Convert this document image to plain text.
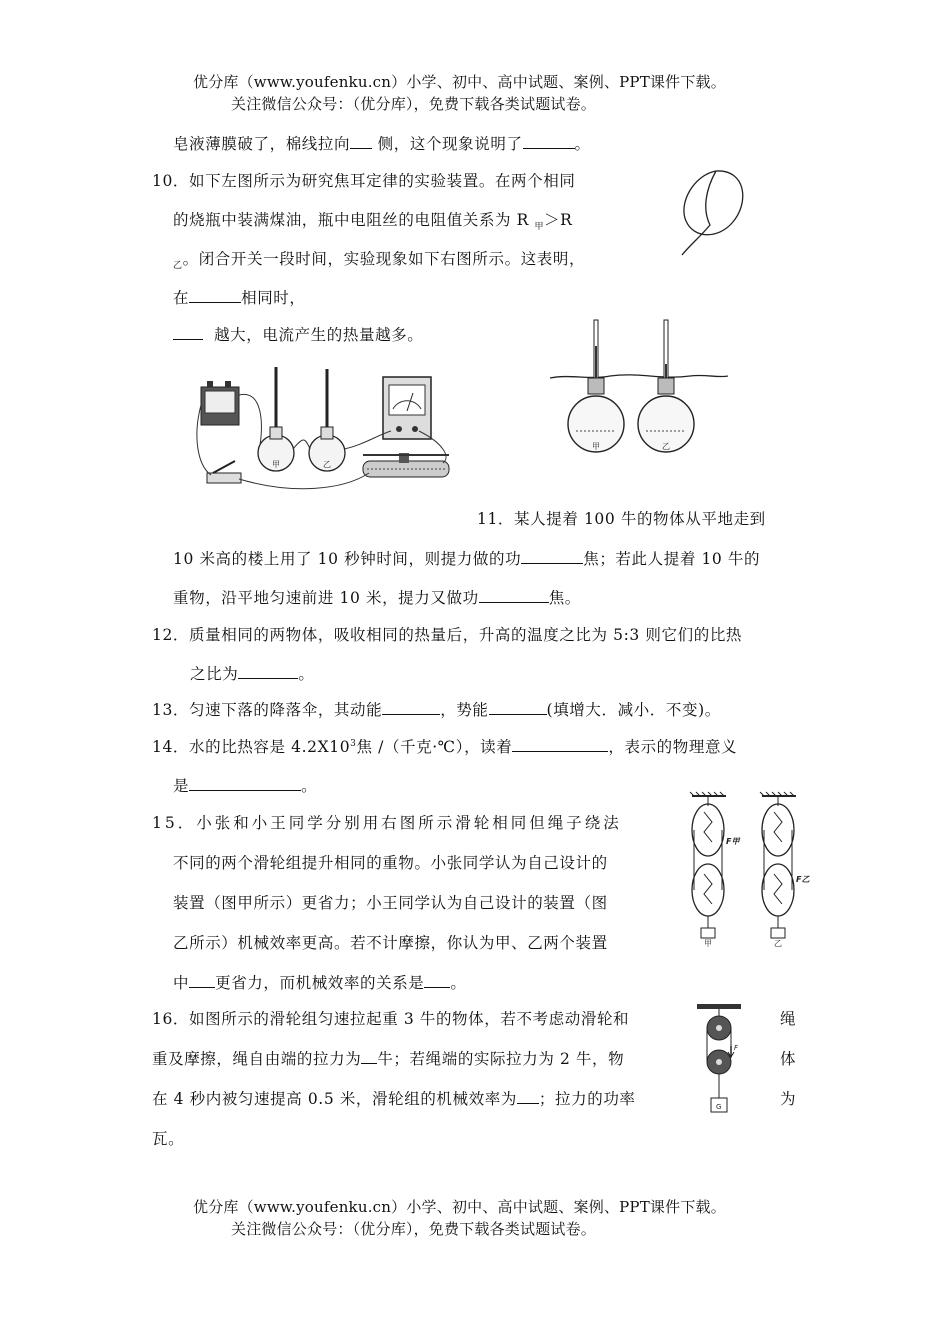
优分库（www.youfenku.cn）小学、初中、高中试题、案例、PPT课件下载。
关注微信公众号：（优分库），免费下载各类试题试卷。
皂液薄膜破了，棉线拉向 侧，这个现象说明了	。
10．如下左图所示为研究焦耳定律的实验装置。在两个相同
的烧瓶中装满煤油，瓶中电阻丝的电阻值关系为 R $_甲$＞R
$_乙$。闭合开关一段时间，实验现象如下右图所示。这表明，
在	相同时，
越大，电流产生的热量越多。
甲	乙
甲	乙
11．某人提着 100 牛的物体从平地走到
10 米高的楼上用了 10 秒钟时间，则提力做的功	焦；若此人提着 10 牛的
重物，沿平地匀速前进 10 米，提力又做功	焦。
12．质量相同的两物体，吸收相同的热量后，升高的温度之比为 5:3 则它们的比热
之比为	。
13．匀速下落的降落伞，其动能	，势能	(填增大．减小．不变)。
14．水的比热容是 $4.2X10^3$焦 /（千克·℃），读着	，表示的物理意义
是	。
15．小张和小王同学分别用右图所示滑轮相同但绳子绕法
不同的两个滑轮组提升相同的重物。小张同学认为自己设计的
装置（图甲所示）更省力；小王同学认为自己设计的装置（图
乙所示）机械效率更高。若不计摩擦，你认为甲、乙两个装置
中 更省力，而机械效率的关系是 。
F甲
甲
F乙
乙
16．如图所示的滑轮组匀速拉起重 3 牛的物体，若不考虑动滑轮和	绳
重及摩擦，绳自由端的拉力为 牛；若绳端的实际拉力为 2 牛，物	体
在 4 秒内被匀速提高 0.5 米，滑轮组的机械效率为 ；拉力的功率	为
瓦。
F
G
优分库（www.youfenku.cn）小学、初中、高中试题、案例、PPT课件下载。
关注微信公众号：（优分库），免费下载各类试题试卷。
